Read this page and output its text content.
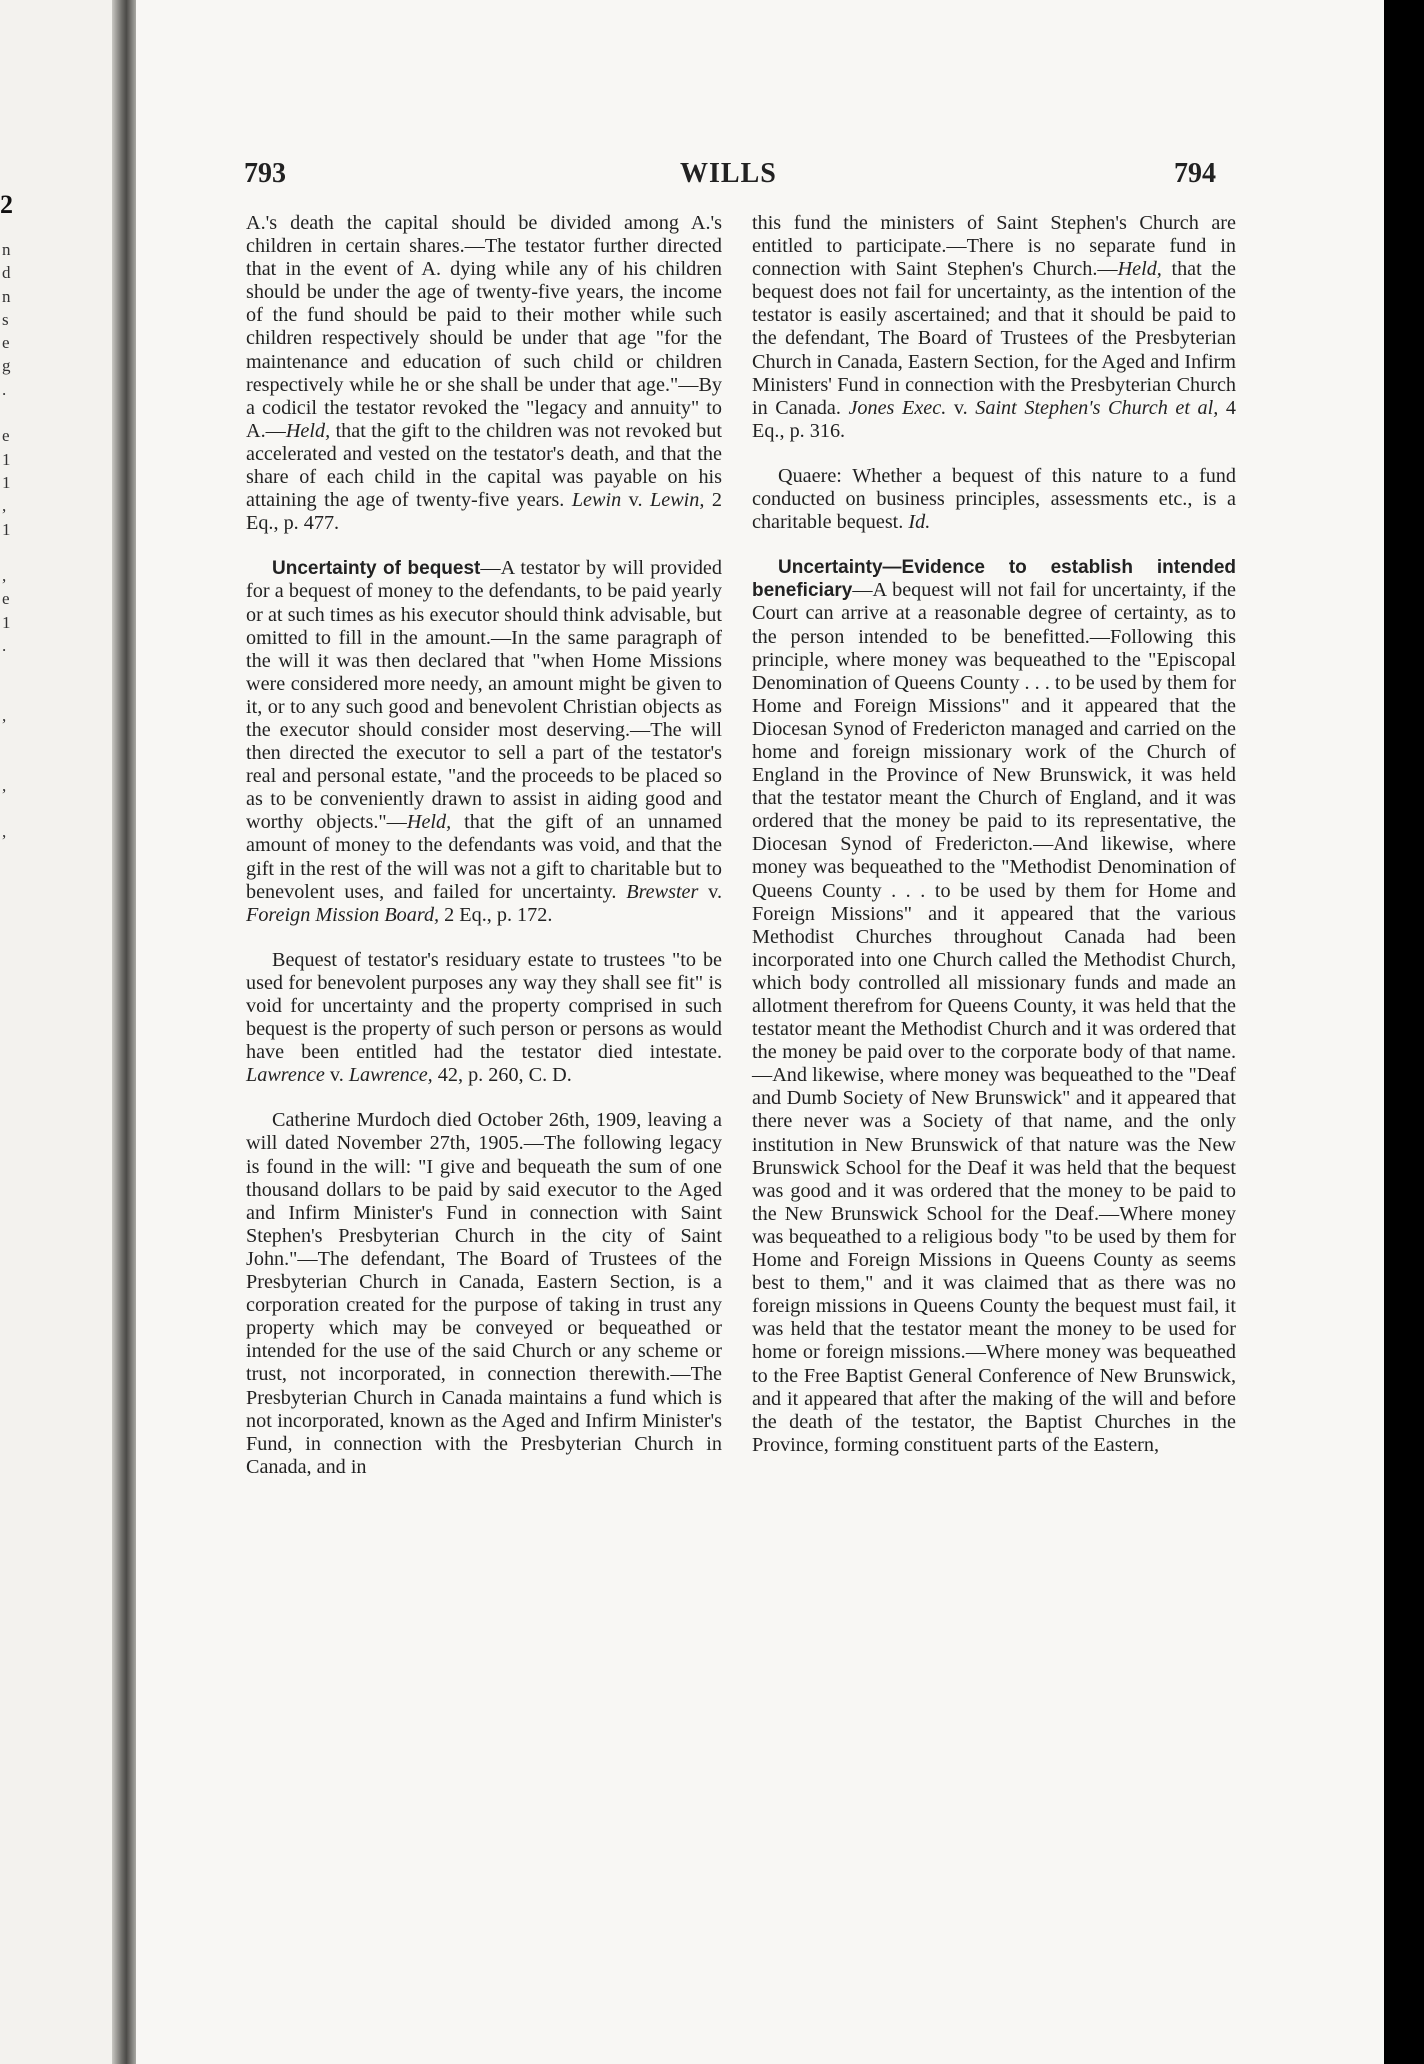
2
n
d
n
s
e
g
.

e
1
1
,
1

,
e
1
.

,

,

,
793	WILLS	794

A.'s death the capital should be divided among A.'s children in certain shares.—The testator further directed that in the event of A. dying while any of his children should be under the age of twenty-five years, the income of the fund should be paid to their mother while such children respectively should be under that age "for the maintenance and education of such child or children respectively while he or she shall be under that age."—By a codicil the testator revoked the "legacy and annuity" to A.—Held, that the gift to the children was not revoked but accelerated and vested on the testator's death, and that the share of each child in the capital was payable on his attaining the age of twenty-five years. Lewin v. Lewin, 2 Eq., p. 477.

Uncertainty of bequest—A testator by will provided for a bequest of money to the defendants, to be paid yearly or at such times as his executor should think advisable, but omitted to fill in the amount.—In the same paragraph of the will it was then declared that "when Home Missions were considered more needy, an amount might be given to it, or to any such good and benevolent Christian objects as the executor should consider most deserving.—The will then directed the executor to sell a part of the testator's real and personal estate, "and the proceeds to be placed so as to be conveniently drawn to assist in aiding good and worthy objects."—Held, that the gift of an unnamed amount of money to the defendants was void, and that the gift in the rest of the will was not a gift to charitable but to benevolent uses, and failed for uncertainty. Brewster v. Foreign Mission Board, 2 Eq., p. 172.

Bequest of testator's residuary estate to trustees "to be used for benevolent purposes any way they shall see fit" is void for uncertainty and the property comprised in such bequest is the property of such person or persons as would have been entitled had the testator died intestate. Lawrence v. Lawrence, 42, p. 260, C. D.

Catherine Murdoch died October 26th, 1909, leaving a will dated November 27th, 1905.—The following legacy is found in the will: "I give and bequeath the sum of one thousand dollars to be paid by said executor to the Aged and Infirm Minister's Fund in connection with Saint Stephen's Presbyterian Church in the city of Saint John."—The defendant, The Board of Trustees of the Presbyterian Church in Canada, Eastern Section, is a corporation created for the purpose of taking in trust any property which may be conveyed or bequeathed or intended for the use of the said Church or any scheme or trust, not incorporated, in connection therewith.—The Presbyterian Church in Canada maintains a fund which is not incorporated, known as the Aged and Infirm Minister's Fund, in connection with the Presbyterian Church in Canada, and in

this fund the ministers of Saint Stephen's Church are entitled to participate.—There is no separate fund in connection with Saint Stephen's Church.—Held, that the bequest does not fail for uncertainty, as the intention of the testator is easily ascertained; and that it should be paid to the defendant, The Board of Trustees of the Presbyterian Church in Canada, Eastern Section, for the Aged and Infirm Ministers' Fund in connection with the Presbyterian Church in Canada. Jones Exec. v. Saint Stephen's Church et al, 4 Eq., p. 316.

Quaere: Whether a bequest of this nature to a fund conducted on business principles, assessments etc., is a charitable bequest. Id.

Uncertainty—Evidence to establish intended beneficiary—A bequest will not fail for uncertainty, if the Court can arrive at a reasonable degree of certainty, as to the person intended to be benefitted.—Following this principle, where money was bequeathed to the "Episcopal Denomination of Queens County . . . to be used by them for Home and Foreign Missions" and it appeared that the Diocesan Synod of Fredericton managed and carried on the home and foreign missionary work of the Church of England in the Province of New Brunswick, it was held that the testator meant the Church of England, and it was ordered that the money be paid to its representative, the Diocesan Synod of Fredericton.—And likewise, where money was bequeathed to the "Methodist Denomination of Queens County . . . to be used by them for Home and Foreign Missions" and it appeared that the various Methodist Churches throughout Canada had been incorporated into one Church called the Methodist Church, which body controlled all missionary funds and made an allotment therefrom for Queens County, it was held that the testator meant the Methodist Church and it was ordered that the money be paid over to the corporate body of that name.—And likewise, where money was bequeathed to the "Deaf and Dumb Society of New Brunswick" and it appeared that there never was a Society of that name, and the only institution in New Brunswick of that nature was the New Brunswick School for the Deaf it was held that the bequest was good and it was ordered that the money to be paid to the New Brunswick School for the Deaf.—Where money was bequeathed to a religious body "to be used by them for Home and Foreign Missions in Queens County as seems best to them," and it was claimed that as there was no foreign missions in Queens County the bequest must fail, it was held that the testator meant the money to be used for home or foreign missions.—Where money was bequeathed to the Free Baptist General Conference of New Brunswick, and it appeared that after the making of the will and before the death of the testator, the Baptist Churches in the Province, forming constituent parts of the Eastern,
